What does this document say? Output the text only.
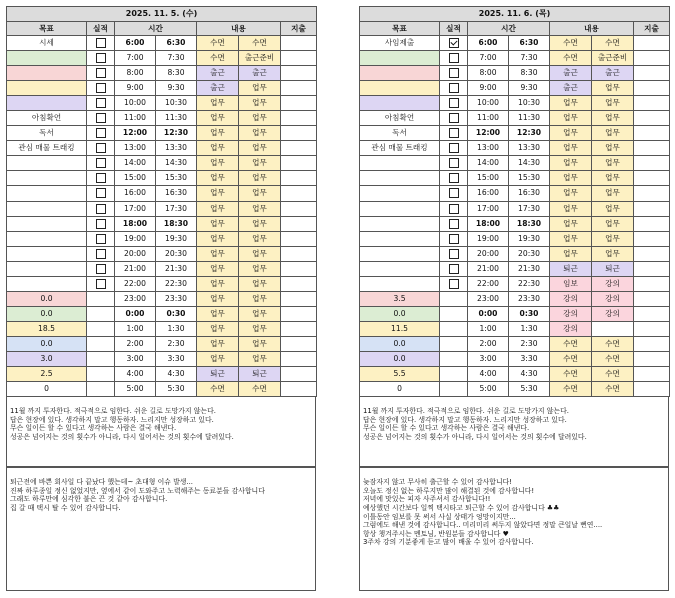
2025. 11. 5. (수)						
목표	실적	시간		내용		지출
시세		6:00	6:30	수면	수면	
		7:00	7:30	수면	출근준비	
		8:00	8:30	출근	출근	
		9:00	9:30	출근	업무	
		10:00	10:30	업무	업무	
아침확언		11:00	11:30	업무	업무	
독서		12:00	12:30	업무	업무	
관심 매물 트래킹		13:00	13:30	업무	업무	
		14:00	14:30	업무	업무	
		15:00	15:30	업무	업무	
		16:00	16:30	업무	업무	
		17:00	17:30	업무	업무	
		18:00	18:30	업무	업무	
		19:00	19:30	업무	업무	
		20:00	20:30	업무	업무	
		21:00	21:30	업무	업무	
		22:00	22:30	업무	업무	
0.0		23:00	23:30	업무	업무	
0.0		0:00	0:30	업무	업무	
18.5		1:00	1:30	업무	업무	
0.0		2:00	2:30	업무	업무	
3.0		3:00	3:30	업무	업무	
2.5		4:00	4:30	퇴근	퇴근	
0		5:00	5:30	수면	수면	

11월 까지 투자한다. 적극적으로 임한다. 쉬운 길로 도망가지 않는다.

답은 현장에 있다. 생각하지 말고 행동하자. 느리지만 성장하고 있다.

무슨 일이든 할 수 있다고 생각하는 사람은 결국 해낸다.

성공은 넘어지는 것의 횟수가 아니라, 다시 일어서는 것의 횟수에 달려있다.

퇴근전에 바쁜 회사일 다 끝났다 했는데~ 초대형 이슈 발생...

진짜 하루종일 정신 없었지만, 옆에서 같이 도와주고 노력해주는 동료분들 감사합니다

그래도 하루만에 심각한 불은 끈 것 같아 감사합니다.

집 갈 때 택시 탈 수 있어 감사합니다.

2025. 11. 6. (목)						
목표	실적	시간		내용		지출
사임제출		6:00	6:30	수면	수면	
		7:00	7:30	수면	출근준비	
		8:00	8:30	출근	출근	
		9:00	9:30	출근	업무	
		10:00	10:30	업무	업무	
아침확언		11:00	11:30	업무	업무	
독서		12:00	12:30	업무	업무	
관심 매물 트래킹		13:00	13:30	업무	업무	
		14:00	14:30	업무	업무	
		15:00	15:30	업무	업무	
		16:00	16:30	업무	업무	
		17:00	17:30	업무	업무	
		18:00	18:30	업무	업무	
		19:00	19:30	업무	업무	
		20:00	20:30	업무	업무	
		21:00	21:30	퇴근	퇴근	
		22:00	22:30	임보	강의	
3.5		23:00	23:30	강의	강의	
0.0		0:00	0:30	강의	강의	
11.5		1:00	1:30	강의		
0.0		2:00	2:30	수면	수면	
0.0		3:00	3:30	수면	수면	
5.5		4:00	4:30	수면	수면	
0		5:00	5:30	수면	수면	

11월 까지 투자한다. 적극적으로 임한다. 쉬운 길로 도망가지 않는다.

답은 현장에 있다. 생각하지 말고 행동하자. 느리지만 성장하고 있다.

무슨 일이든 할 수 있다고 생각하는 사람은 결국 해낸다.

성공은 넘어지는 것의 횟수가 아니라, 다시 일어서는 것의 횟수에 달려있다.

늦잠자지 않고 무사히 출근할 수 있어 감사합니다!

오늘도 정신 없는 하루지만 많이 해결된 것에 감사합니다!

저녁에 맛있는 피자 사주셔서 감사합니다!!

예상했던 시간보다 일찍 택시타고 퇴근할 수 있어 감사합니다 ♣♣

이틀동안 임보를 못 써서 사실 상태가 엉망이지만...

그럼에도 해낸 것에 감사합니다.. 미리미리 써두지 않았다면 정말 큰일날 뻔연....

항상 챙겨주시는 멘토님, 반원분들 감사합니다 ♥

3주차 강의 기분좋게 듣고 많이 배울 수 있어 감사합니다.
